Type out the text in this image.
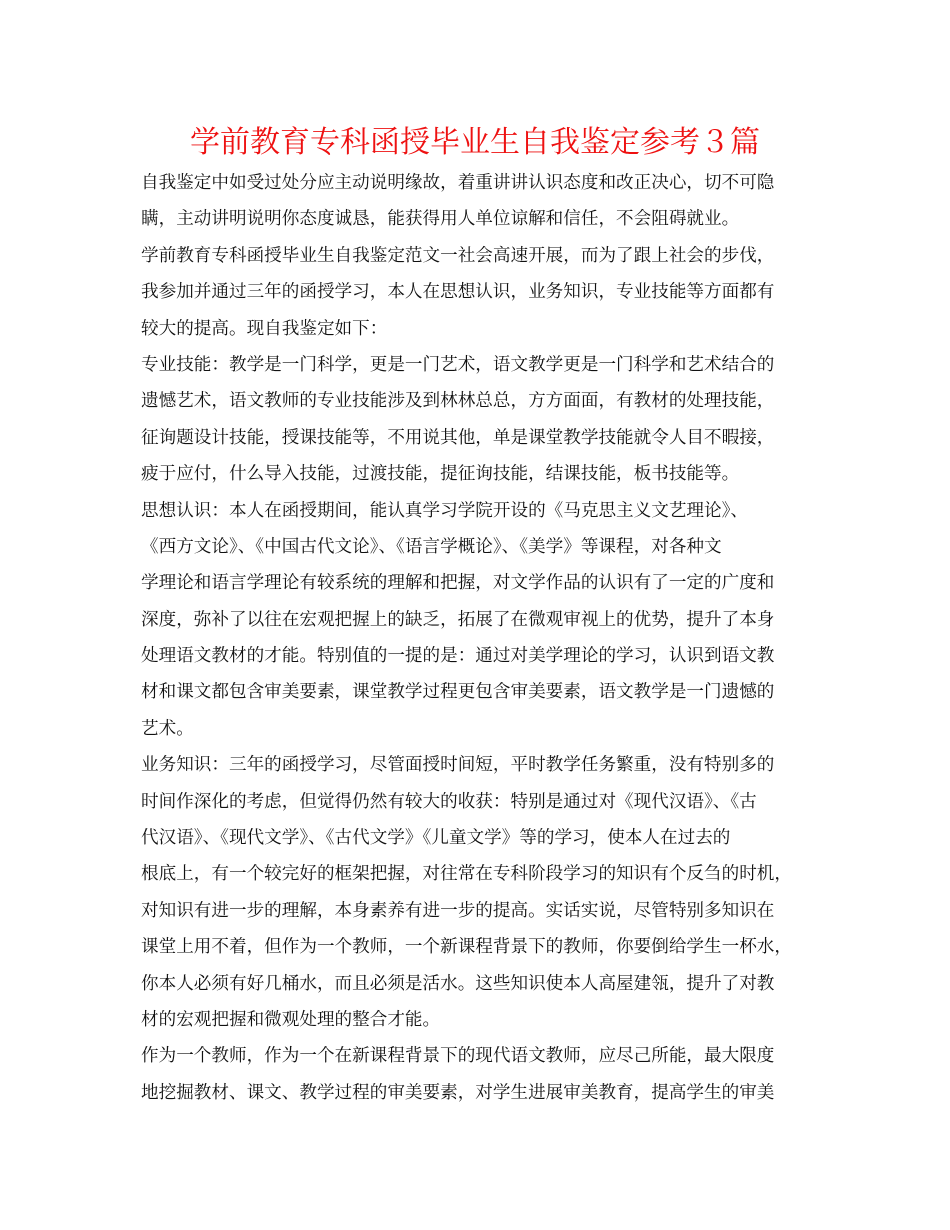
学前教育专科函授毕业生自我鉴定参考３篇
自我鉴定中如受过处分应主动说明缘故，着重讲讲认识态度和改正决心，切不可隐
瞒，主动讲明说明你态度诚恳，能获得用人单位谅解和信任，不会阻碍就业。
学前教育专科函授毕业生自我鉴定范文一社会高速开展，而为了跟上社会的步伐，
我参加并通过三年的函授学习，本人在思想认识，业务知识，专业技能等方面都有
较大的提高。现自我鉴定如下：
专业技能：教学是一门科学，更是一门艺术，语文教学更是一门科学和艺术结合的
遗憾艺术，语文教师的专业技能涉及到林林总总，方方面面，有教材的处理技能，
征询题设计技能，授课技能等，不用说其他，单是课堂教学技能就令人目不暇接，
疲于应付，什么导入技能，过渡技能，提征询技能，结课技能，板书技能等。
思想认识：本人在函授期间，能认真学习学院开设的《马克思主义文艺理论》、
《西方文论》、《中国古代文论》、《语言学概论》、《美学》等课程，对各种文
学理论和语言学理论有较系统的理解和把握，对文学作品的认识有了一定的广度和
深度，弥补了以往在宏观把握上的缺乏，拓展了在微观审视上的优势，提升了本身
处理语文教材的才能。特别值的一提的是：通过对美学理论的学习，认识到语文教
材和课文都包含审美要素，课堂教学过程更包含审美要素，语文教学是一门遗憾的
艺术。
业务知识：三年的函授学习，尽管面授时间短，平时教学任务繁重，没有特别多的
时间作深化的考虑，但觉得仍然有较大的收获：特别是通过对《现代汉语》、《古
代汉语》、《现代文学》、《古代文学》《儿童文学》等的学习，使本人在过去的
根底上，有一个较完好的框架把握，对往常在专科阶段学习的知识有个反刍的时机，
对知识有进一步的理解，本身素养有进一步的提高。实话实说，尽管特别多知识在
课堂上用不着，但作为一个教师，一个新课程背景下的教师，你要倒给学生一杯水，
你本人必须有好几桶水，而且必须是活水。这些知识使本人高屋建瓴，提升了对教
材的宏观把握和微观处理的整合才能。
作为一个教师，作为一个在新课程背景下的现代语文教师，应尽己所能，最大限度
地挖掘教材、课文、教学过程的审美要素，对学生进展审美教育，提高学生的审美
